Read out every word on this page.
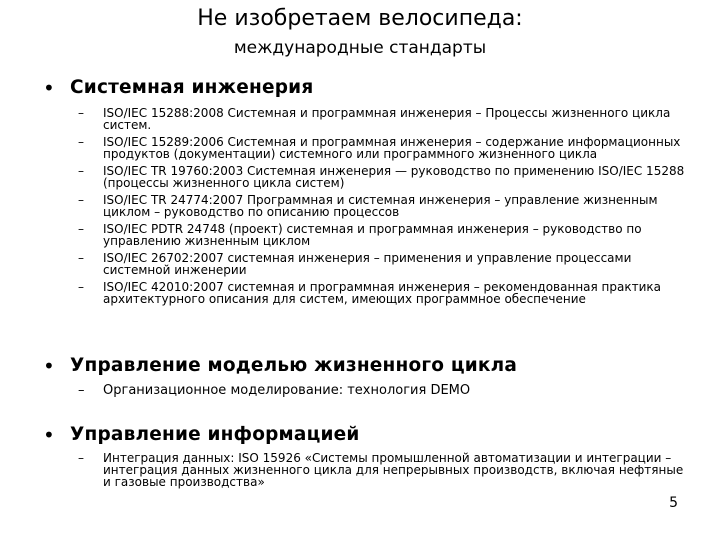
Не изобретаем велосипеда:
международные стандарты
• Системная инженерия
– ISO/IEC 15288:2008 Системная и программная инженерия – Процессы жизненного цикла систем.
– ISO/IEC 15289:2006 Системная и программная инженерия – содержание информационных продуктов (документации) системного или программного жизненного цикла
– ISO/IEC TR 19760:2003 Системная инженерия — руководство по применению ISO/IEC 15288 (процессы жизненного цикла систем)
– ISO/IEC TR 24774:2007 Программная и системная инженерия – управление жизненным циклом – руководство по описанию процессов
– ISO/IEC PDTR 24748 (проект) системная и программная инженерия – руководство по управлению жизненным циклом
– ISO/IEC 26702:2007 системная инженерия – применения и управление процессами системной инженерии
– ISO/IEC 42010:2007 системная и программная инженерия – рекомендованная практика архитектурного описания для систем, имеющих программное обеспечение
• Управление моделью жизненного цикла
– Организационное моделирование: технология DEMO
• Управление информацией
– Интеграция данных: ISO 15926 «Системы промышленной автоматизации и интеграции – интеграция данных жизненного цикла для непрерывных производств, включая нефтяные и газовые производства»
5
